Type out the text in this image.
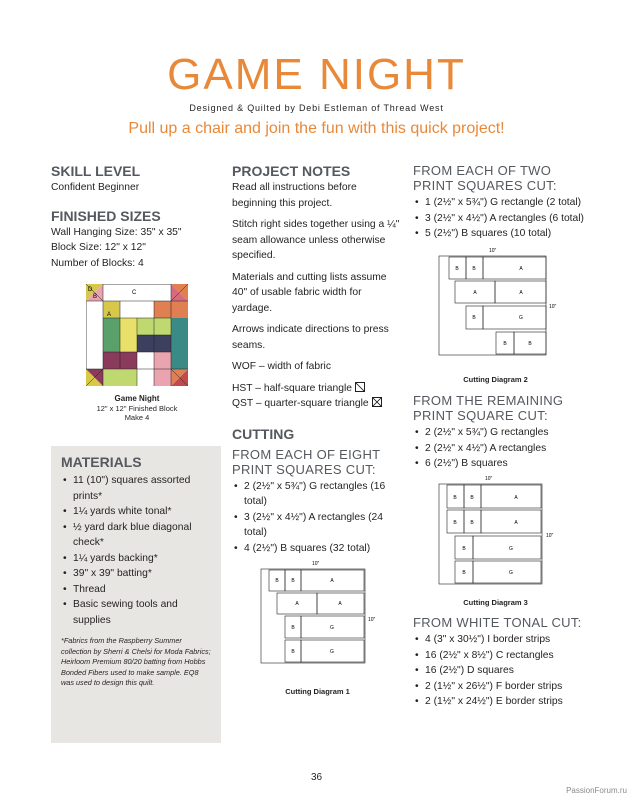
GAME NIGHT
Designed & Quilted by Debi Estleman of Thread West
Pull up a chair and join the fun with this quick project!
SKILL LEVEL
Confident Beginner
FINISHED SIZES
Wall Hanging Size: 35" x 35"
Block Size: 12" x 12"
Number of Blocks: 4
D
B
C
A
Game Night
12" x 12" Finished Block
Make 4
MATERIALS
• 11 (10") squares assorted prints*
• 1¼ yards white tonal*
• ½ yard dark blue diagonal check*
• 1¼ yards backing*
• 39" x 39" batting*
• Thread
• Basic sewing tools and supplies
*Fabrics from the Raspberry Summer collection by Sherri & Chelsi for Moda Fabrics; Heirloom Premium 80/20 batting from Hobbs Bonded Fibers used to make sample. EQ8 was used to design this quilt.
PROJECT NOTES
Read all instructions before beginning this project.
Stitch right sides together using a ¼" seam allowance unless otherwise specified.
Materials and cutting lists assume 40" of usable fabric width for yardage.
Arrows indicate directions to press seams.
WOF – width of fabric
HST – half-square triangle
QST – quarter-square triangle
CUTTING
FROM EACH OF EIGHT PRINT SQUARES CUT:
• 2 (2½" x 5¾") G rectangles (16 total)
• 3 (2½" x 4½") A rectangles (24 total)
• 4 (2½") B squares (32 total)
FROM EACH OF TWO PRINT SQUARES CUT:
• 1 (2½" x 5¾") G rectangle (2 total)
• 3 (2½" x 4½") A rectangles (6 total)
• 5 (2½") B squares (10 total)
FROM THE REMAINING PRINT SQUARE CUT:
• 2 (2½" x 5¾") G rectangles
• 2 (2½" x 4½") A rectangles
• 6 (2½") B squares
FROM WHITE TONAL CUT:
• 4 (3" x 30½") I border strips
• 16 (2½" x 8½") C rectangles
• 16 (2½") D squares
• 2 (1½" x 26½") F border strips
• 2 (1½" x 24½") E border strips
10"
10"
B	B	A
A	A
B	G
B	G
Cutting Diagram 1
10"
10"
B	B	A
A	A
B	G
B	B
Cutting Diagram 2
10"
10"
B	B	A
B	B	A
B	G
B	G
Cutting Diagram 3
36
PassionForum.ru
